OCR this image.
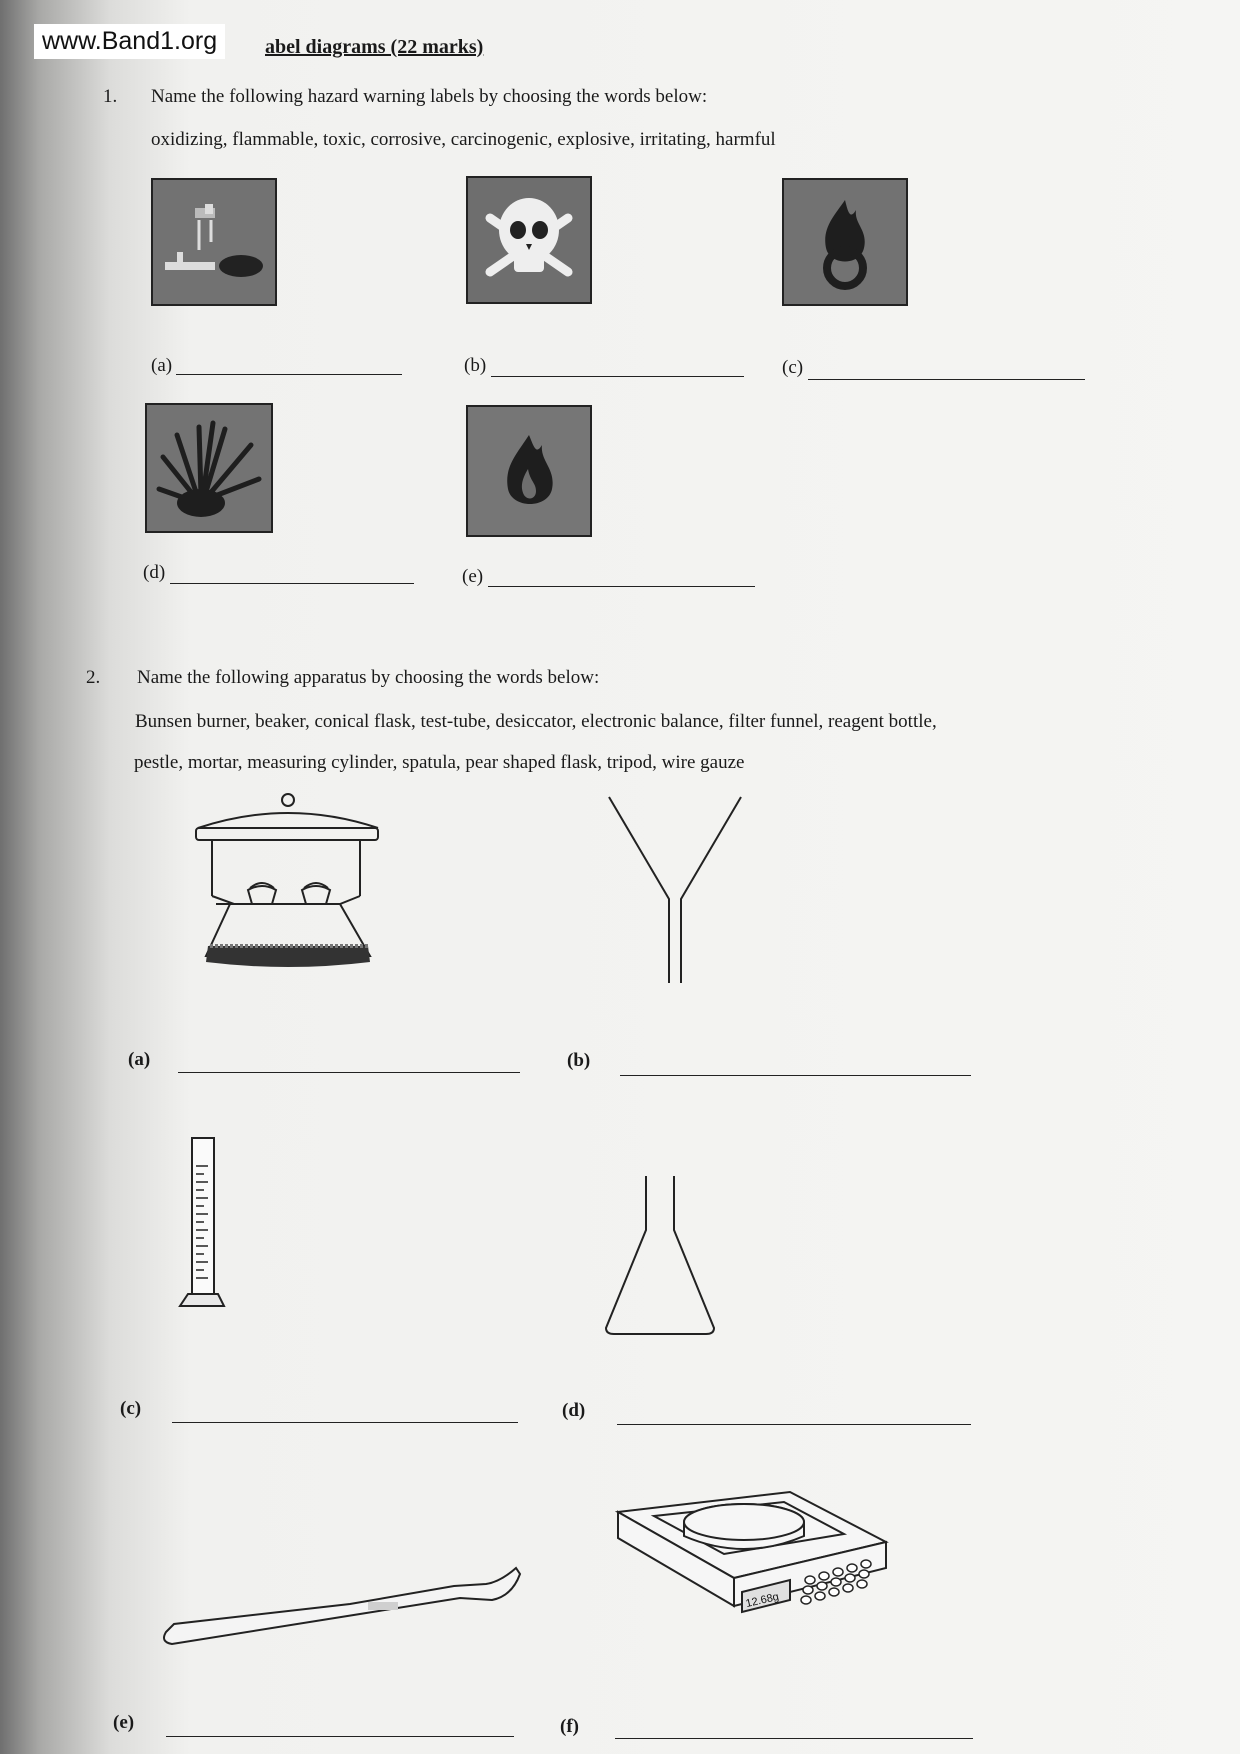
www.Band1.org	abel diagrams (22 marks)
1. Name the following hazard warning labels by choosing the words below:
oxidizing, flammable, toxic, corrosive, carcinogenic, explosive, irritating, harmful
(a)	(b)	(c)
(d)	(e)
2. Name the following apparatus by choosing the words below:
Bunsen burner, beaker, conical flask, test-tube, desiccator, electronic balance, filter funnel, reagent bottle,
pestle, mortar, measuring cylinder, spatula, pear shaped flask, tripod, wire gauze
(a)	(b)
(c)	(d)
12.68g
(e)	(f)
